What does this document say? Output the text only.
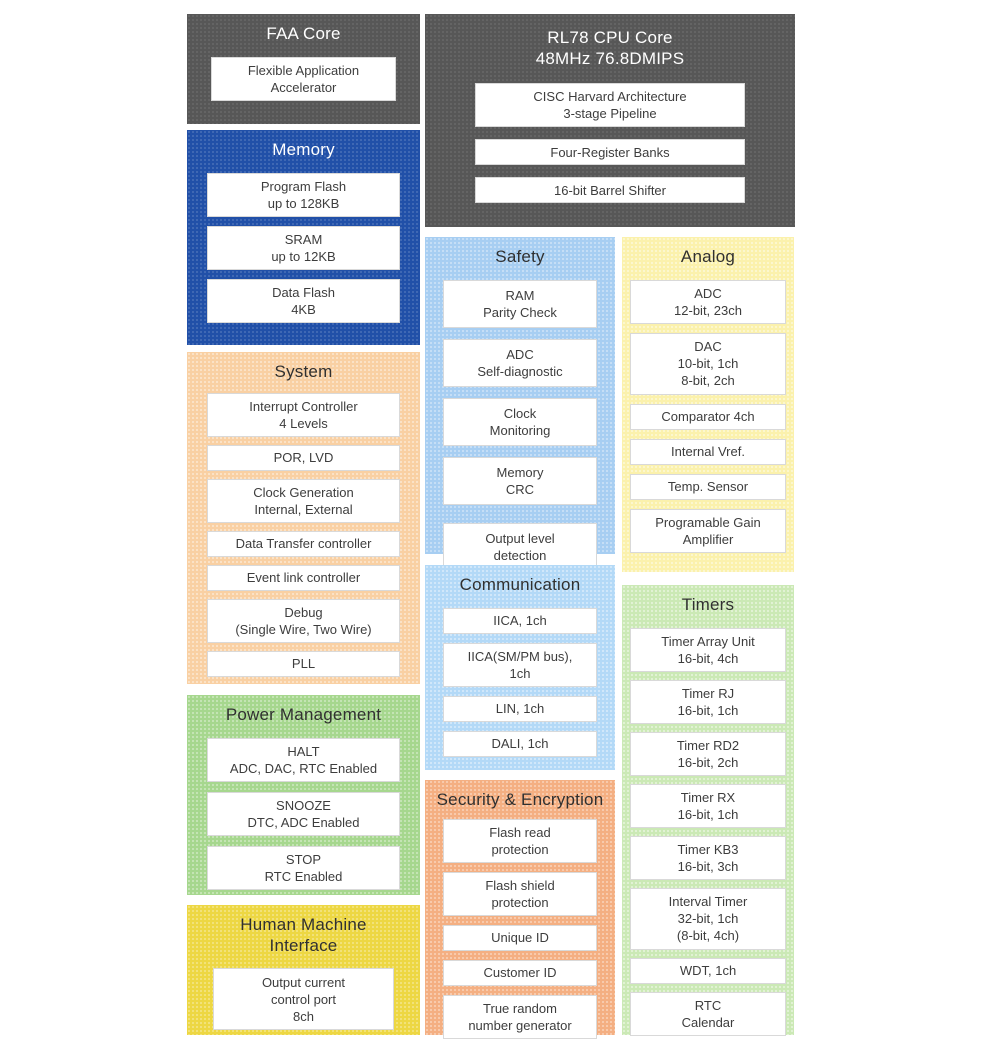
FAA Core
Flexible Application
Accelerator
RL78 CPU Core
48MHz 76.8DMIPS
CISC Harvard Architecture
3-stage Pipeline
Four-Register Banks
16-bit Barrel Shifter
Memory
Program Flash
up to 128KB
SRAM
up to 12KB
Data Flash
4KB
System
Interrupt Controller
4 Levels
POR, LVD
Clock Generation
Internal, External
Data Transfer controller
Event link controller
Debug
(Single Wire, Two Wire)
PLL
Power Management
HALT
ADC, DAC, RTC Enabled
SNOOZE
DTC, ADC Enabled
STOP
RTC Enabled
Human Machine
Interface
Output current
control port
8ch
Safety
RAM
Parity Check
ADC
Self-diagnostic
Clock
Monitoring
Memory
CRC
Output level
detection
Communication
IICA, 1ch
IICA(SM/PM bus),
1ch
LIN, 1ch
DALI, 1ch
Security & Encryption
Flash read
protection
Flash shield
protection
Unique ID
Customer ID
True random
number generator
Analog
ADC
12-bit, 23ch
DAC
10-bit, 1ch
8-bit, 2ch
Comparator 4ch
Internal Vref.
Temp. Sensor
Programable Gain
Amplifier
Timers
Timer Array Unit
16-bit, 4ch
Timer RJ
16-bit, 1ch
Timer RD2
16-bit, 2ch
Timer RX
16-bit, 1ch
Timer KB3
16-bit, 3ch
Interval Timer
32-bit, 1ch
(8-bit, 4ch)
WDT, 1ch
RTC
Calendar
